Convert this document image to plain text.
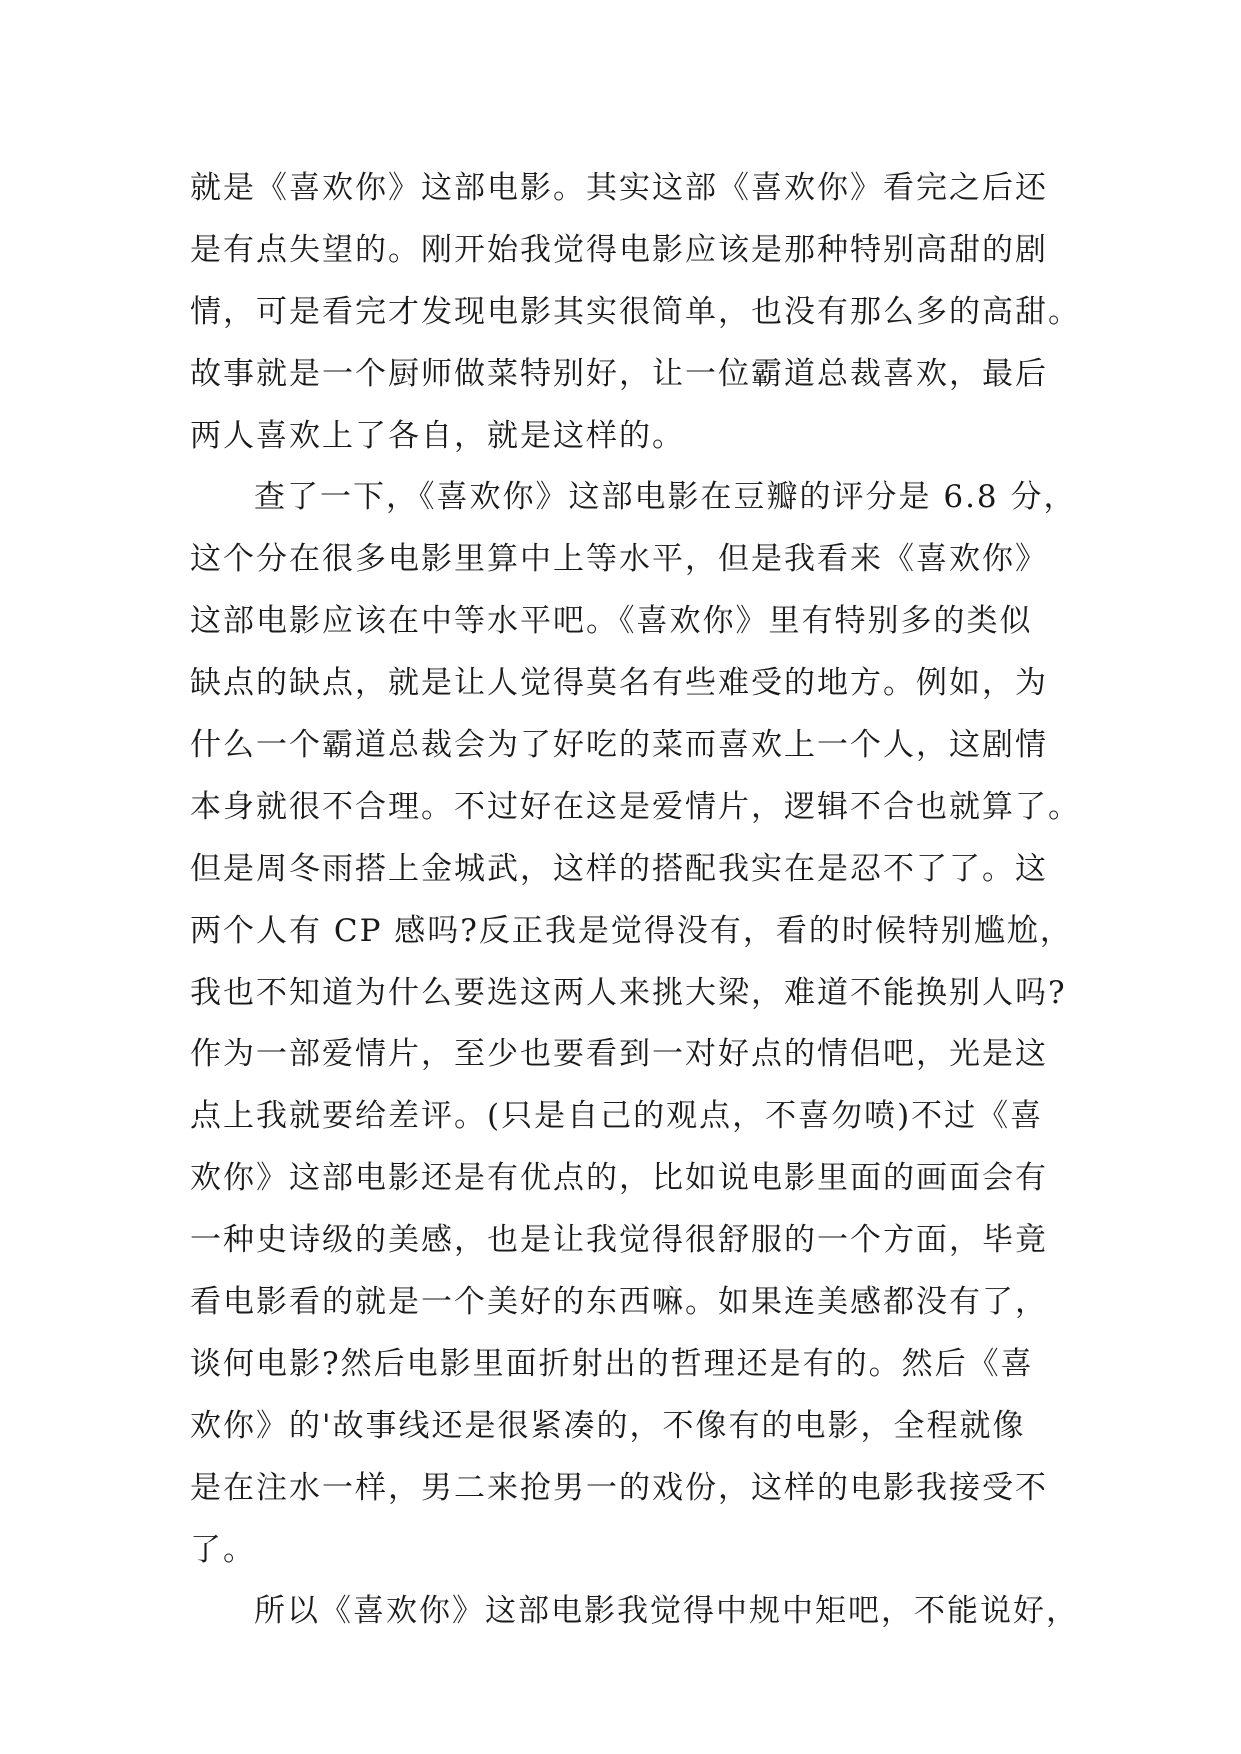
就是《喜欢你》这部电影。其实这部《喜欢你》看完之后还
是有点失望的。刚开始我觉得电影应该是那种特别高甜的剧
情，可是看完才发现电影其实很简单，也没有那么多的高甜。
故事就是一个厨师做菜特别好，让一位霸道总裁喜欢，最后
两人喜欢上了各自，就是这样的。
查了一下，《喜欢你》这部电影在豆瓣的评分是 6.8 分，
这个分在很多电影里算中上等水平，但是我看来《喜欢你》
这部电影应该在中等水平吧。《喜欢你》里有特别多的类似
缺点的缺点，就是让人觉得莫名有些难受的地方。例如，为
什么一个霸道总裁会为了好吃的菜而喜欢上一个人，这剧情
本身就很不合理。不过好在这是爱情片，逻辑不合也就算了。
但是周冬雨搭上金城武，这样的搭配我实在是忍不了了。这
两个人有 CP 感吗?反正我是觉得没有，看的时候特别尴尬，
我也不知道为什么要选这两人来挑大梁，难道不能换别人吗?
作为一部爱情片，至少也要看到一对好点的情侣吧，光是这
点上我就要给差评。(只是自己的观点，不喜勿喷)不过《喜
欢你》这部电影还是有优点的，比如说电影里面的画面会有
一种史诗级的美感，也是让我觉得很舒服的一个方面，毕竟
看电影看的就是一个美好的东西嘛。如果连美感都没有了，
谈何电影?然后电影里面折射出的哲理还是有的。然后《喜
欢你》的'故事线还是很紧凑的，不像有的电影，全程就像
是在注水一样，男二来抢男一的戏份，这样的电影我接受不
了。
所以《喜欢你》这部电影我觉得中规中矩吧，不能说好，
